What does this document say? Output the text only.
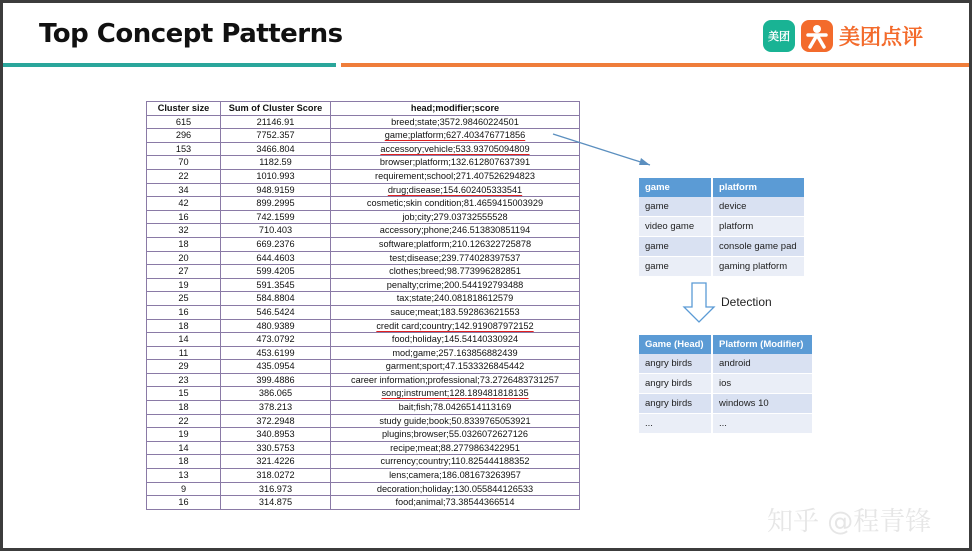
Top Concept Patterns	美团 美团点评
Cluster size	Sum of Cluster Score	head;modifier;score
615	21146.91	breed;state;3572.98460224501
296	7752.357	game;platform;627.403476771856
153	3466.804	accessory;vehicle;533.93705094809
70	1182.59	browser;platform;132.612807637391
22	1010.993	requirement;school;271.407526294823
34	948.9159	drug;disease;154.602405333541
42	899.2995	cosmetic;skin condition;81.4659415003929
16	742.1599	job;city;279.03732555528
32	710.403	accessory;phone;246.513830851194
18	669.2376	software;platform;210.126322725878
20	644.4603	test;disease;239.774028397537
27	599.4205	clothes;breed;98.773996282851
19	591.3545	penalty;crime;200.544192793488
25	584.8804	tax;state;240.081818612579
16	546.5424	sauce;meat;183.592863621553
18	480.9389	credit card;country;142.919087972152
14	473.0792	food;holiday;145.54140330924
11	453.6199	mod;game;257.163856882439
29	435.0954	garment;sport;47.1533326845442
23	399.4886	career information;professional;73.2726483731257
15	386.065	song;instrument;128.189481818135
18	378.213	bait;fish;78.0426514113169
22	372.2948	study guide;book;50.8339765053921
19	340.8953	plugins;browser;55.0326072627126
14	330.5753	recipe;meat;88.2779863422951
18	321.4226	currency;country;110.825444188352
13	318.0272	lens;camera;186.081673263957
9	316.973	decoration;holiday;130.055844126533
16	314.875	food;animal;73.38544366514
game	platform
game	device
video game	platform
game	console game pad
game	gaming platform
Detection
Game (Head)	Platform (Modifier)
angry birds	android
angry birds	ios
angry birds	windows 10
...	...
知乎 @程青锋
